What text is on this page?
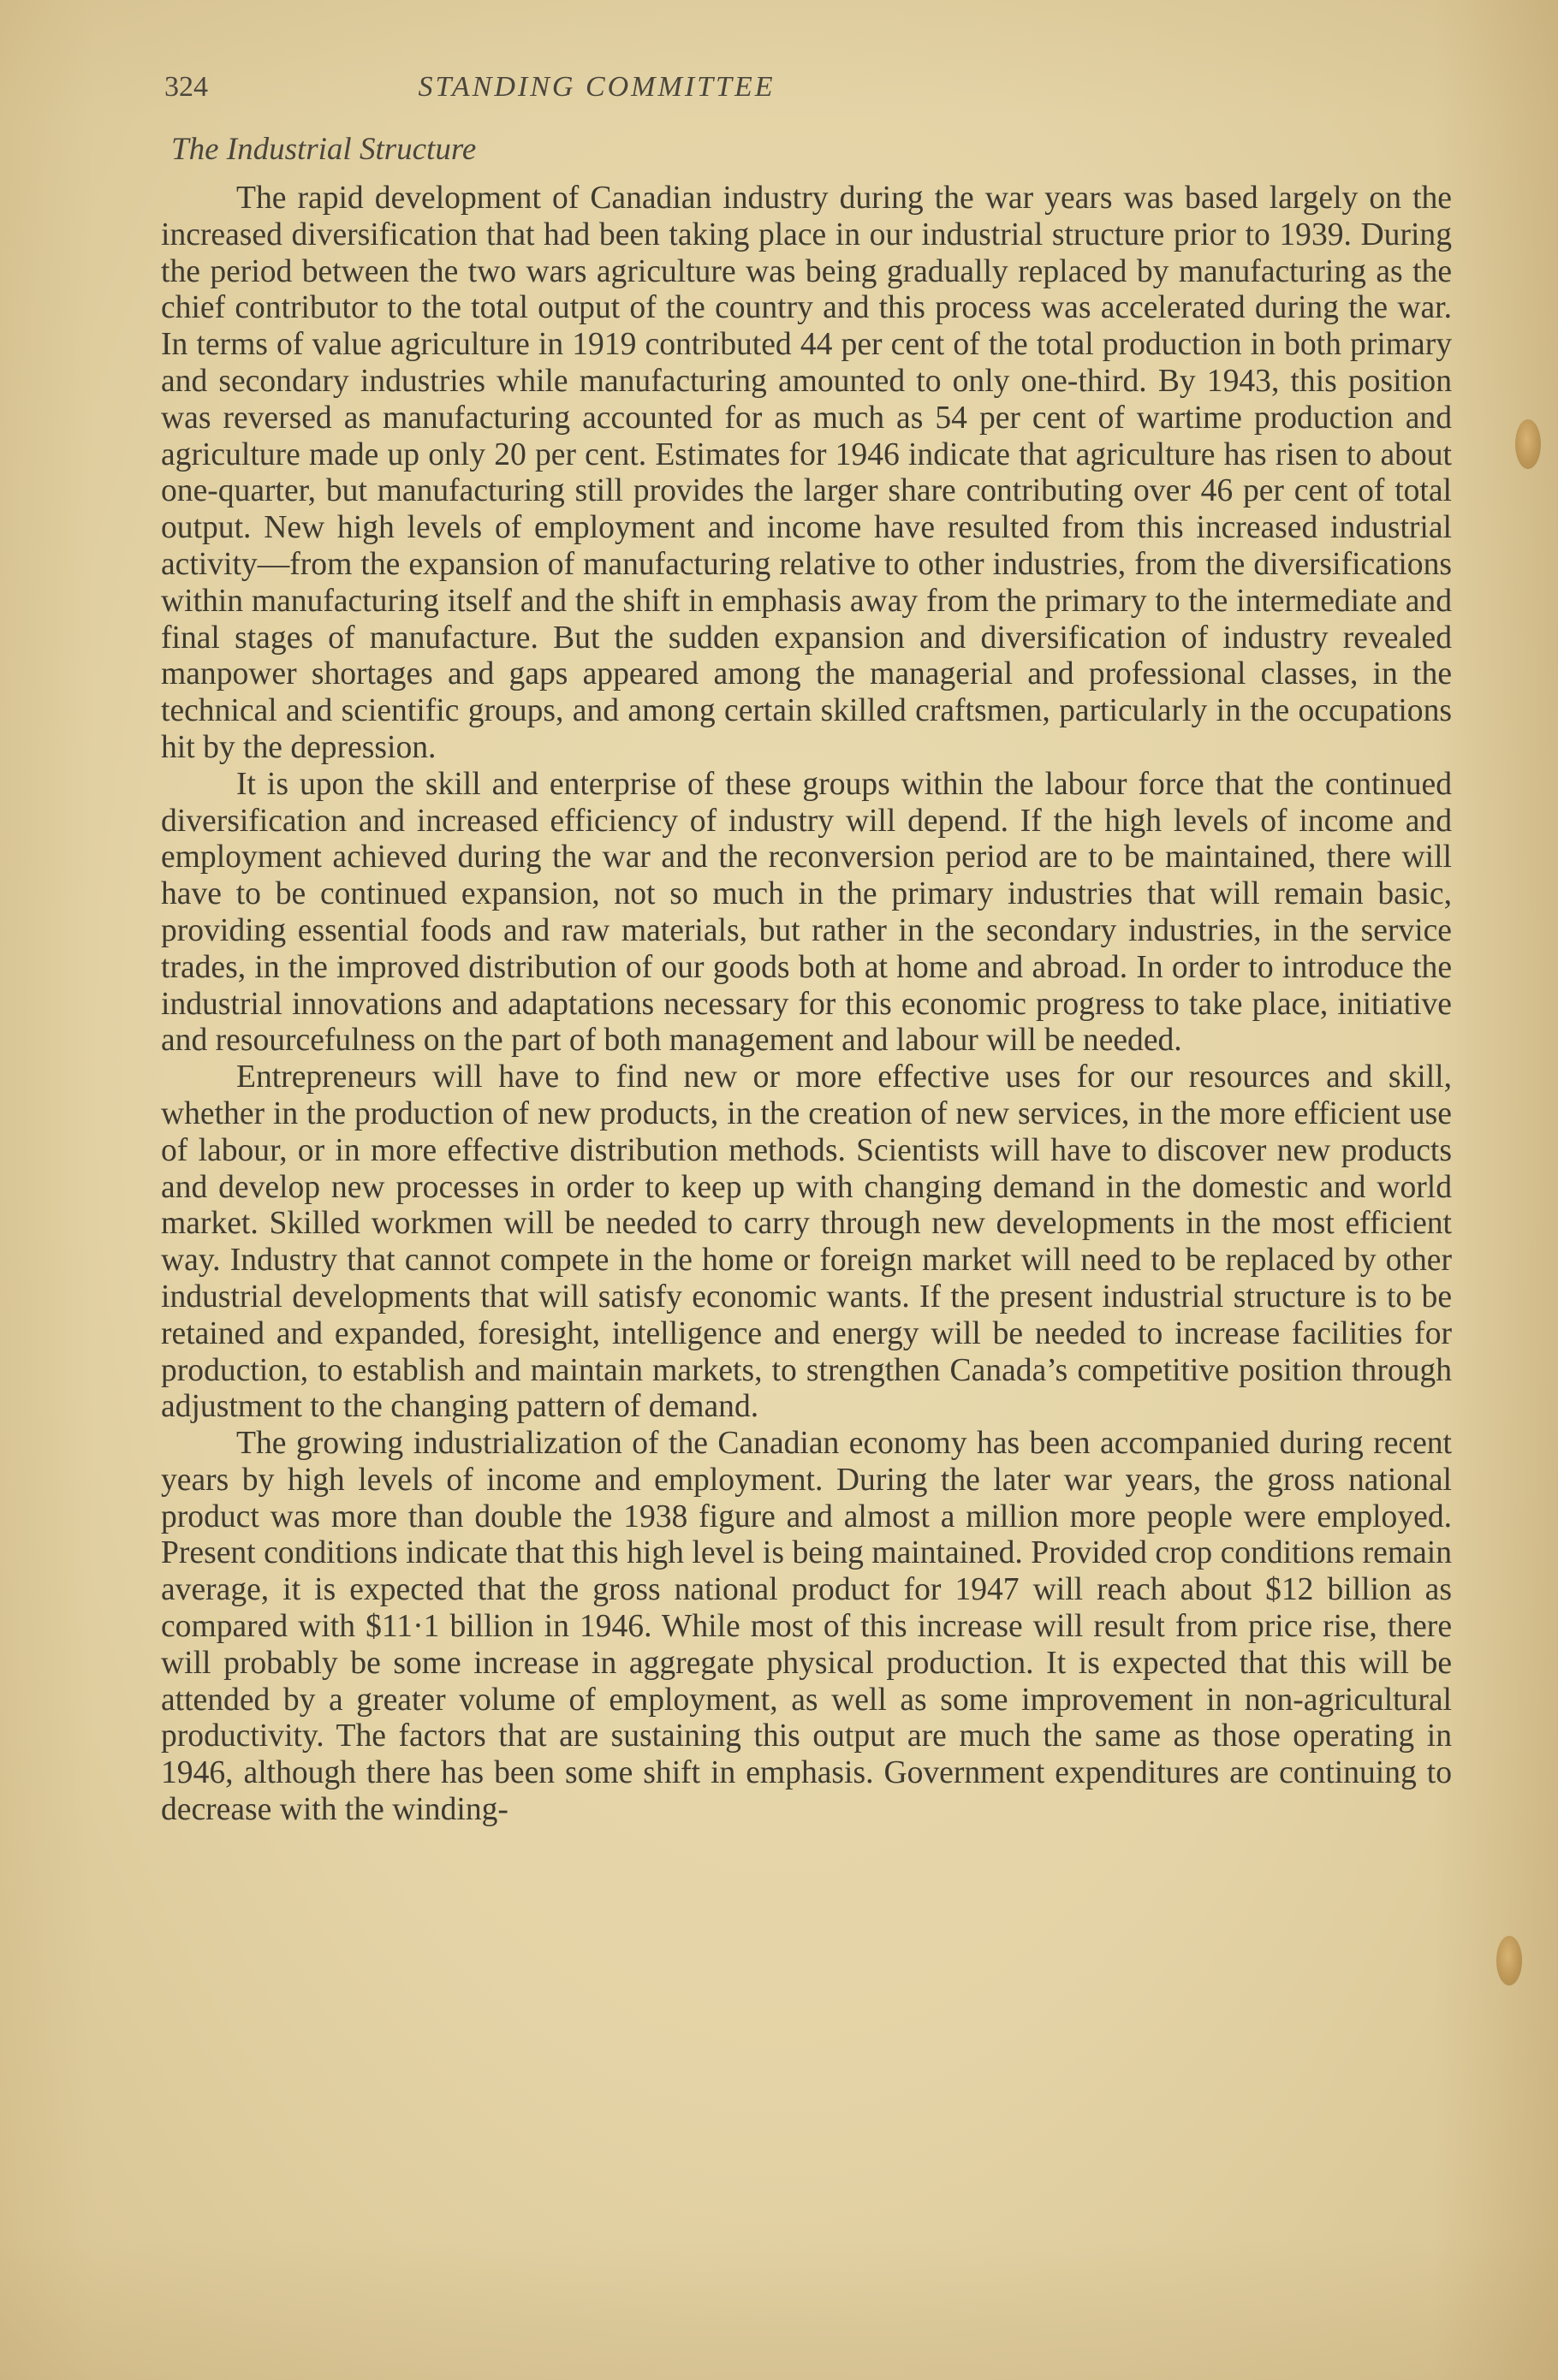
324	STANDING COMMITTEE
The Industrial Structure

The rapid development of Canadian industry during the war years was based largely on the increased diversification that had been taking place in our industrial structure prior to 1939. During the period between the two wars agriculture was being gradually replaced by manufacturing as the chief contributor to the total output of the country and this process was accelerated during the war. In terms of value agriculture in 1919 contributed 44 per cent of the total production in both primary and secondary industries while manufacturing amounted to only one-third. By 1943, this position was reversed as manufacturing accounted for as much as 54 per cent of wartime production and agriculture made up only 20 per cent. Estimates for 1946 indicate that agriculture has risen to about one-quarter, but manufacturing still provides the larger share contributing over 46 per cent of total output. New high levels of employment and income have resulted from this increased industrial activity—from the expansion of manufacturing relative to other industries, from the diversifications within manufacturing itself and the shift in emphasis away from the primary to the intermediate and final stages of manufacture. But the sudden expansion and diversification of industry revealed manpower shortages and gaps appeared among the managerial and professional classes, in the technical and scientific groups, and among certain skilled craftsmen, particularly in the occupations hit by the depression.

It is upon the skill and enterprise of these groups within the labour force that the continued diversification and increased efficiency of industry will depend. If the high levels of income and employment achieved during the war and the reconversion period are to be maintained, there will have to be continued expansion, not so much in the primary industries that will remain basic, providing essential foods and raw materials, but rather in the secondary industries, in the service trades, in the improved distribution of our goods both at home and abroad. In order to introduce the industrial innovations and adaptations necessary for this economic progress to take place, initiative and resourcefulness on the part of both management and labour will be needed.

Entrepreneurs will have to find new or more effective uses for our resources and skill, whether in the production of new products, in the creation of new services, in the more efficient use of labour, or in more effective distribution methods. Scientists will have to discover new products and develop new processes in order to keep up with changing demand in the domestic and world market. Skilled workmen will be needed to carry through new developments in the most efficient way. Industry that cannot compete in the home or foreign market will need to be replaced by other industrial developments that will satisfy economic wants. If the present industrial structure is to be retained and expanded, foresight, intelligence and energy will be needed to increase facilities for production, to establish and maintain markets, to strengthen Canada’s competitive position through adjustment to the changing pattern of demand.

The growing industrialization of the Canadian economy has been accompanied during recent years by high levels of income and employment. During the later war years, the gross national product was more than double the 1938 figure and almost a million more people were employed. Present conditions indicate that this high level is being maintained. Provided crop conditions remain average, it is expected that the gross national product for 1947 will reach about $12 billion as compared with $11·1 billion in 1946. While most of this increase will result from price rise, there will probably be some increase in aggregate physical production. It is expected that this will be attended by a greater volume of employment, as well as some improvement in non-agricultural productivity. The factors that are sustaining this output are much the same as those operating in 1946, although there has been some shift in emphasis. Government expenditures are continuing to decrease with the winding-
